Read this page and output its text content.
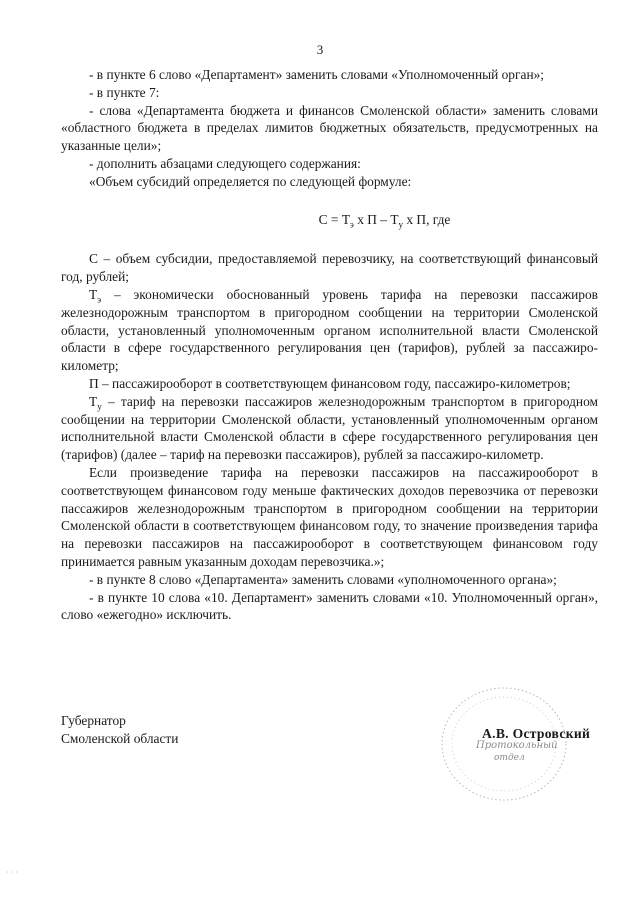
3

- в пункте 6 слово «Департамент» заменить словами «Уполномоченный орган»;

- в пункте 7:

- слова «Департамента бюджета и финансов Смоленской области» заменить словами «областного бюджета в пределах лимитов бюджетных обязательств, предусмотренных на указанные цели»;

- дополнить абзацами следующего содержания:

«Объем субсидий определяется по следующей формуле:

$С = Т_э$ х П – $Т_у$ х П, где

С – объем субсидии, предоставляемой перевозчику, на соответствующий финансовый год, рублей;

$Т_э$ – экономически обоснованный уровень тарифа на перевозки пассажиров железнодорожным транспортом в пригородном сообщении на территории Смоленской области, установленный уполномоченным органом исполнительной власти Смоленской области в сфере государственного регулирования цен (тарифов), рублей за пассажиро-километр;

П – пассажирооборот в соответствующем финансовом году, пассажиро-километров;

$Т_у$ – тариф на перевозки пассажиров железнодорожным транспортом в пригородном сообщении на территории Смоленской области, установленный уполномоченным органом исполнительной власти Смоленской области в сфере государственного регулирования цен (тарифов) (далее – тариф на перевозки пассажиров), рублей за пассажиро-километр.

Если произведение тарифа на перевозки пассажиров на пассажирооборот в соответствующем финансовом году меньше фактических доходов перевозчика от перевозки пассажиров железнодорожным транспортом в пригородном сообщении на территории Смоленской области в соответствующем финансовом году, то значение произведения тарифа на перевозки пассажиров на пассажирооборот в соответствующем финансовом году принимается равным указанным доходам перевозчика.»;

- в пункте 8 слово «Департамента» заменить словами «уполномоченного органа»;

- в пункте 10 слова «10. Департамент» заменить словами «10. Уполномоченный орган», слово «ежегодно» исключить.

Протокольный
отдел
Губернатор
Смоленской области	А.В. Островский
· · ·
